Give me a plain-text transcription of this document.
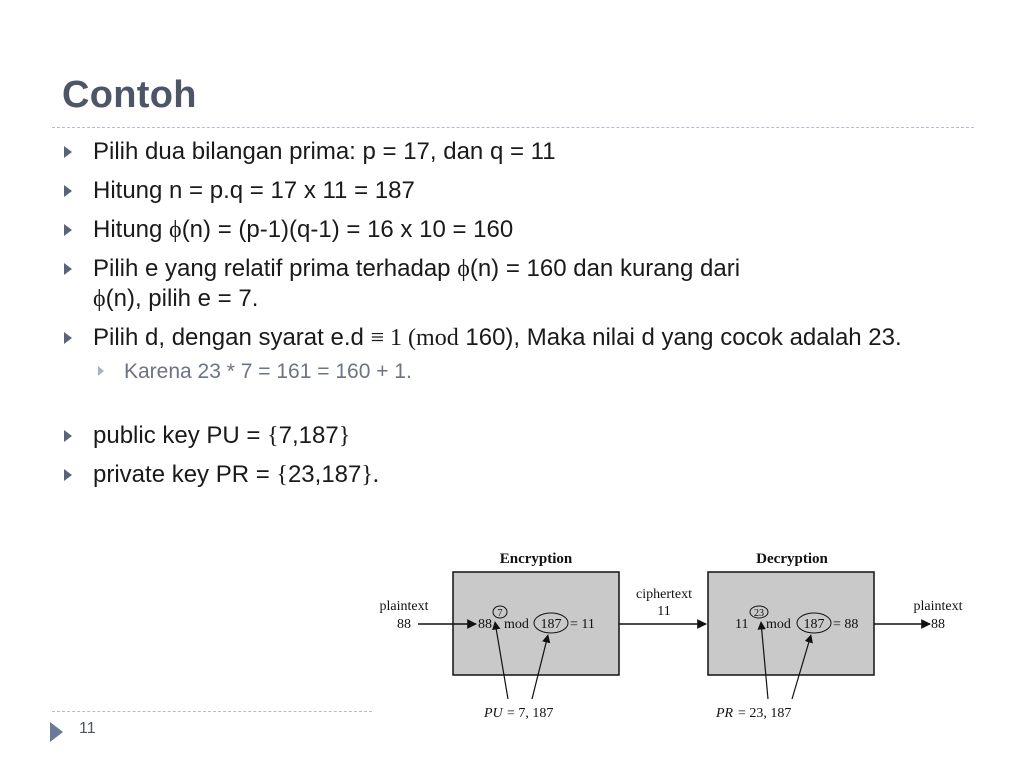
Contoh
Pilih dua bilangan prima: p = 17, dan q = 11
Hitung n = p.q = 17 x 11 = 187
Hitung ϕ(n) = (p-1)(q-1) = 16 x 10 = 160
Pilih e yang relatif prima terhadap ϕ(n) = 160 dan kurang dari
ϕ(n), pilih e = 7.
Pilih d, dengan syarat e.d ≡ 1 (mod 160), Maka nilai d yang cocok adalah 23.
Karena 23 * 7 = 161 = 160 + 1.
public key PU = {7,187}
private key PR = {23,187}.
Encryption	Decryption
plaintext
88	88
7
mod 187 = 11
ciphertext
11
11
23
mod 187 = 88
plaintext
88
PU = 7, 187	PR = 23, 187
11
